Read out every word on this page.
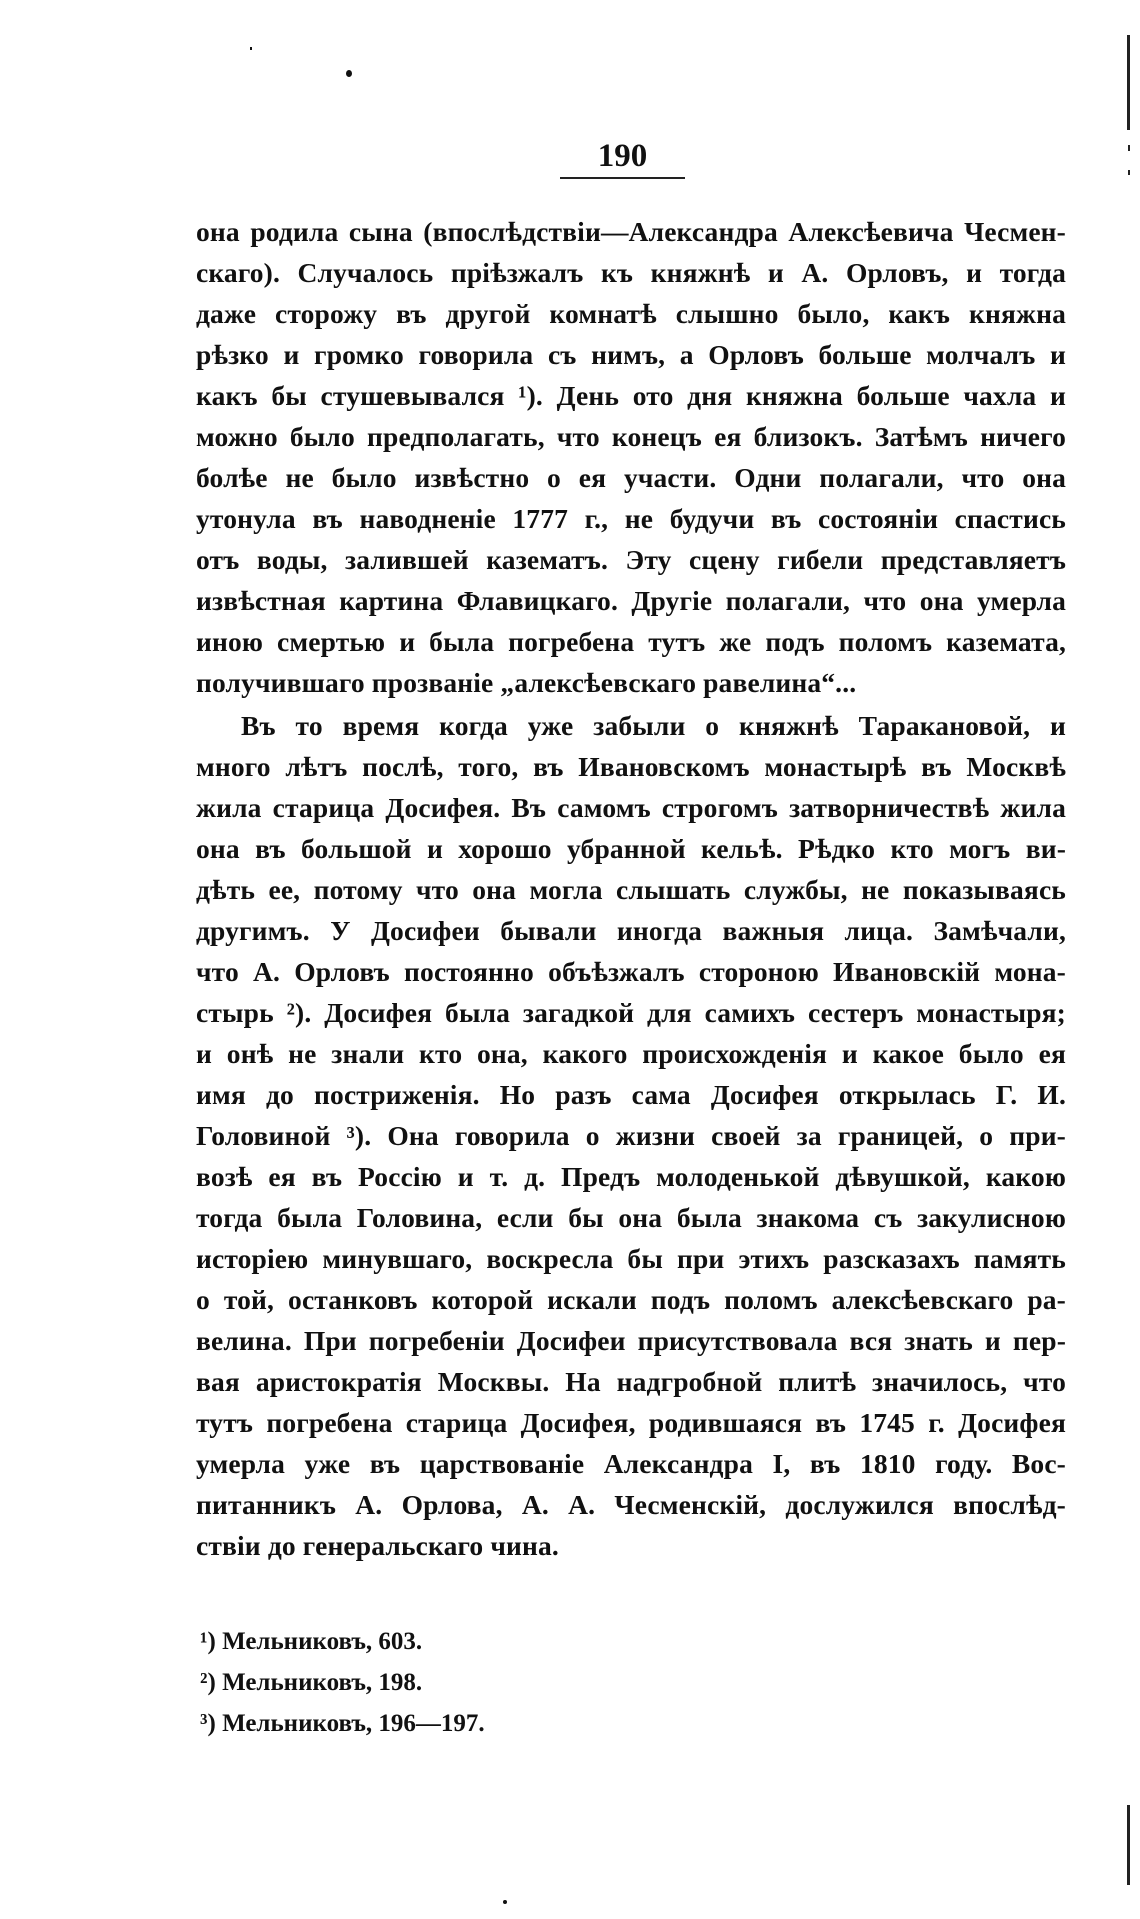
190
она родила сына (впослѣдствіи—Александра Алексѣевича Чесмен-
скаго). Случалось пріѣзжалъ къ княжнѣ и А. Орловъ, и тогда
даже сторожу въ другой комнатѣ слышно было, какъ княжна
рѣзко и громко говорила съ нимъ, а Орловъ больше молчалъ и
какъ бы стушевывался ¹). День ото дня княжна больше чахла и
можно было предполагать, что конецъ ея близокъ. Затѣмъ ничего
болѣе не было извѣстно о ея участи. Одни полагали, что она
утонула въ наводненіе 1777 г., не будучи въ состояніи спастись
отъ воды, залившей казематъ. Эту сцену гибели представляетъ
извѣстная картина Флавицкаго. Другіе полагали, что она умерла
иною смертью и была погребена тутъ же подъ поломъ каземата,
получившаго прозваніе „алексѣевскаго равелина“...
Въ то время когда уже забыли о княжнѣ Таракановой, и
много лѣтъ послѣ, того, въ Ивановскомъ монастырѣ въ Москвѣ
жила старица Досифея. Въ самомъ строгомъ затворничествѣ жила
она въ большой и хорошо убранной кельѣ. Рѣдко кто могъ ви-
дѣть ее, потому что она могла слышать службы, не показываясь
другимъ. У Досифеи бывали иногда важныя лица. Замѣчали,
что А. Орловъ постоянно объѣзжалъ стороною Ивановскій мона-
стырь ²). Досифея была загадкой для самихъ сестеръ монастыря;
и онѣ не знали кто она, какого происхожденія и какое было ея
имя до постриженія. Но разъ сама Досифея открылась Г. И.
Головиной ³). Она говорила о жизни своей за границей, о при-
возѣ ея въ Россію и т. д. Предъ молоденькой дѣвушкой, какою
тогда была Головина, если бы она была знакома съ закулисною
исторіею минувшаго, воскресла бы при этихъ разсказахъ память
о той, останковъ которой искали подъ поломъ алексѣевскаго ра-
велина. При погребеніи Досифеи присутствовала вся знать и пер-
вая аристократія Москвы. На надгробной плитѣ значилось, что
тутъ погребена старица Досифея, родившаяся въ 1745 г. Досифея
умерла уже въ царствованіе Александра I, въ 1810 году. Вос-
питанникъ А. Орлова, А. А. Чесменскій, дослужился впослѣд-
ствіи до генеральскаго чина.
¹) Мельниковъ, 603.
²) Мельниковъ, 198.
³) Мельниковъ, 196—197.
